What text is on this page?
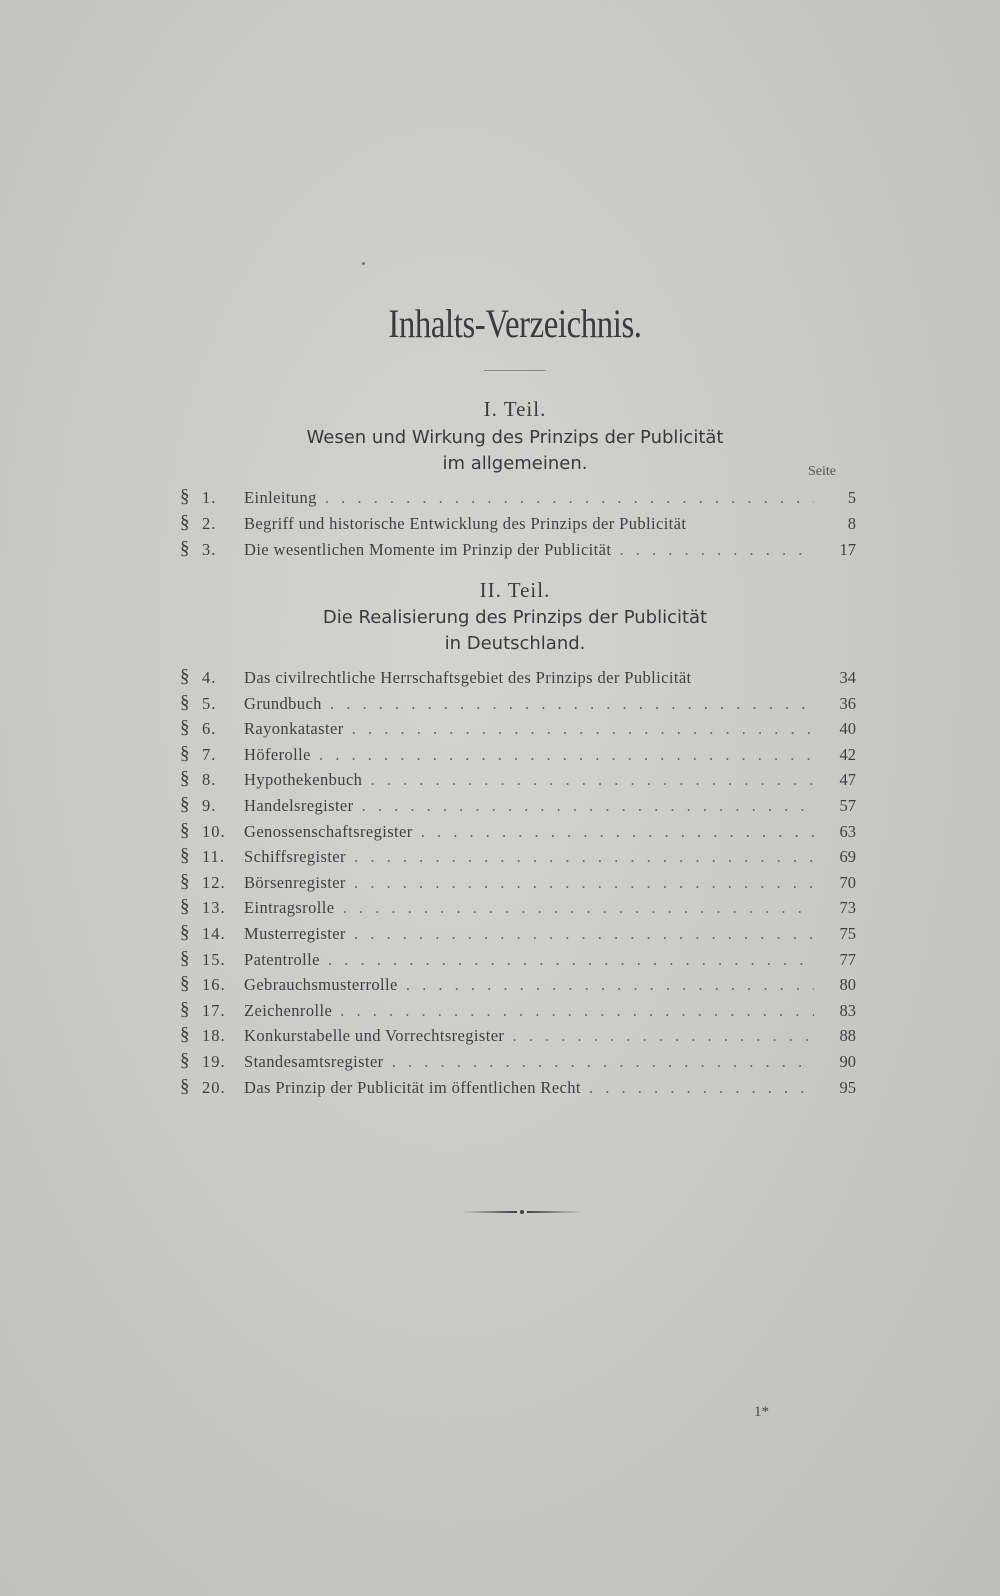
Inhalts-Verzeichnis.
I. Teil.
Wesen und Wirkung des Prinzips der Publicität
im allgemeinen.	Seite
§ 1.	Einleitung . . .	5
§ 2.	Begriff und historische Entwicklung des Prinzips der Publicität	8
§ 3.	Die wesentlichen Momente im Prinzip der Publicität . . .	17
II. Teil.
Die Realisierung des Prinzips der Publicität
in Deutschland.
§ 4.	Das civilrechtliche Herrschaftsgebiet des Prinzips der Publicität	34
§ 5.	Grundbuch . . .	36
§ 6.	Rayonkataster . . .	40
§ 7.	Höferolle . . .	42
§ 8.	Hypothekenbuch . . .	47
§ 9.	Handelsregister . . .	57
§ 10.	Genossenschaftsregister . . .	63
§ 11.	Schiffsregister . . .	69
§ 12.	Börsenregister . . .	70
§ 13.	Eintragsrolle . . .	73
§ 14.	Musterregister . . .	75
§ 15.	Patentrolle . . .	77
§ 16.	Gebrauchsmusterrolle . . .	80
§ 17.	Zeichenrolle . . .	83
§ 18.	Konkurstabelle und Vorrechtsregister . . .	88
§ 19.	Standesamtsregister . . .	90
§ 20.	Das Prinzip der Publicität im öffentlichen Recht . . .	95
1*
